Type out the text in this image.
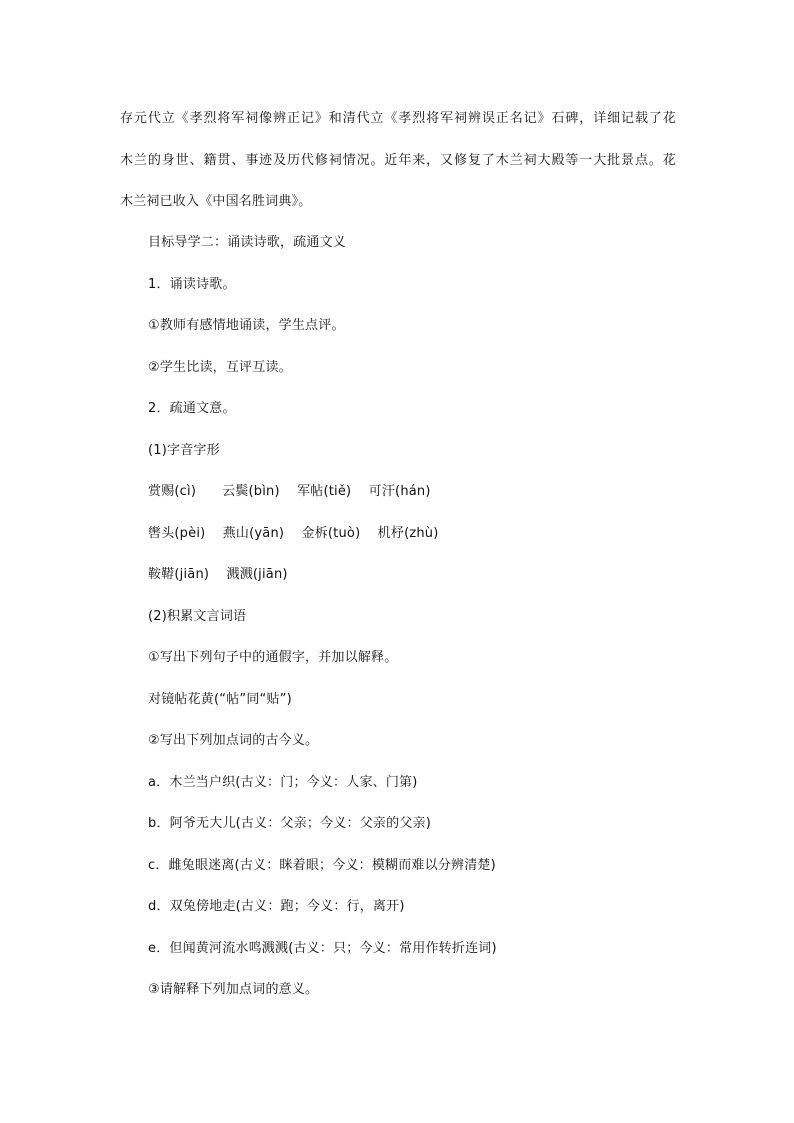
存元代立《孝烈将军祠像辨正记》和清代立《孝烈将军祠辨误正名记》石碑，详细记载了花
木兰的身世、籍贯、事迹及历代修祠情况。近年来，又修复了木兰祠大殿等一大批景点。花
木兰祠已收入《中国名胜词典》。
目标导学二：诵读诗歌，疏通文义
1．诵读诗歌。
①教师有感情地诵读，学生点评。
②学生比读，互评互读。
2．疏通文意。
(1)字音字形
赏赐(cì)      云鬓(bìn)    军帖(tiě)    可汗(hán)
辔头(pèi)    燕山(yān)    金柝(tuò)    机杼(zhù)
鞍鞯(jiān)    溅溅(jiān)
(2)积累文言词语
①写出下列句子中的通假字，并加以解释。
对镜帖花黄(“帖”同“贴”)
②写出下列加点词的古今义。
a．木兰当户织(古义：门；今义：人家、门第)
b．阿爷无大儿(古义：父亲；今义：父亲的父亲)
c．雌兔眼迷离(古义：眯着眼；今义：模糊而难以分辨清楚)
d．双兔傍地走(古义：跑；今义：行，离开)
e．但闻黄河流水鸣溅溅(古义：只；今义：常用作转折连词)
③请解释下列加点词的意义。
